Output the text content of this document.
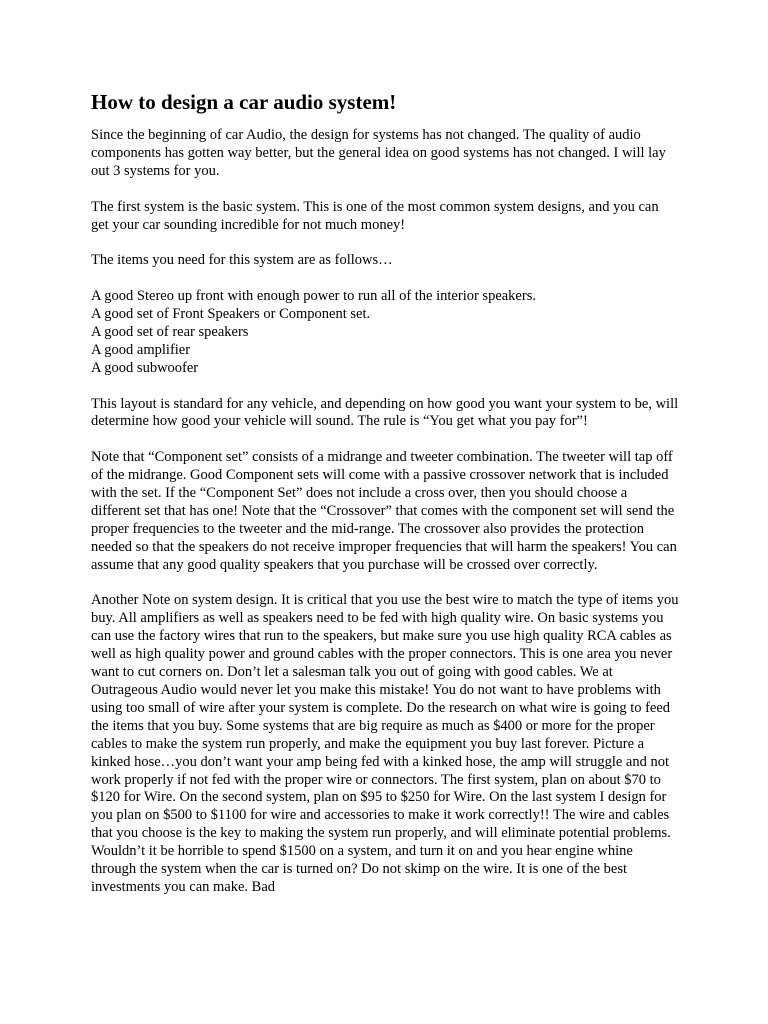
How to design a car audio system!

Since the beginning of car Audio, the design for systems has not changed. The quality of audio components has gotten way better, but the general idea on good systems has not changed. I will lay out 3 systems for you.

The first system is the basic system. This is one of the most common system designs, and you can get your car sounding incredible for not much money!

The items you need for this system are as follows…

A good Stereo up front with enough power to run all of the interior speakers.
A good set of Front Speakers or Component set.
A good set of rear speakers
A good amplifier
A good subwoofer

This layout is standard for any vehicle, and depending on how good you want your system to be, will determine how good your vehicle will sound. The rule is “You get what you pay for”!

Note that “Component set” consists of a midrange and tweeter combination. The tweeter will tap off of the midrange. Good Component sets will come with a passive crossover network that is included with the set. If the “Component Set” does not include a cross over, then you should choose a different set that has one! Note that the “Crossover” that comes with the component set will send the proper frequencies to the tweeter and the mid-range. The crossover also provides the protection needed so that the speakers do not receive improper frequencies that will harm the speakers! You can assume that any good quality speakers that you purchase will be crossed over correctly.

Another Note on system design. It is critical that you use the best wire to match the type of items you buy. All amplifiers as well as speakers need to be fed with high quality wire. On basic systems you can use the factory wires that run to the speakers, but make sure you use high quality RCA cables as well as high quality power and ground cables with the proper connectors. This is one area you never want to cut corners on. Don’t let a salesman talk you out of going with good cables. We at Outrageous Audio would never let you make this mistake! You do not want to have problems with using too small of wire after your system is complete. Do the research on what wire is going to feed the items that you buy. Some systems that are big require as much as $400 or more for the proper cables to make the system run properly, and make the equipment you buy last forever. Picture a kinked hose…you don’t want your amp being fed with a kinked hose, the amp will struggle and not work properly if not fed with the proper wire or connectors. The first system, plan on about $70 to $120 for Wire. On the second system, plan on $95 to $250 for Wire. On the last system I design for you plan on $500 to $1100 for wire and accessories to make it work correctly!! The wire and cables that you choose is the key to making the system run properly, and will eliminate potential problems. Wouldn’t it be horrible to spend $1500 on a system, and turn it on and you hear engine whine through the system when the car is turned on? Do not skimp on the wire. It is one of the best investments you can make. Bad
